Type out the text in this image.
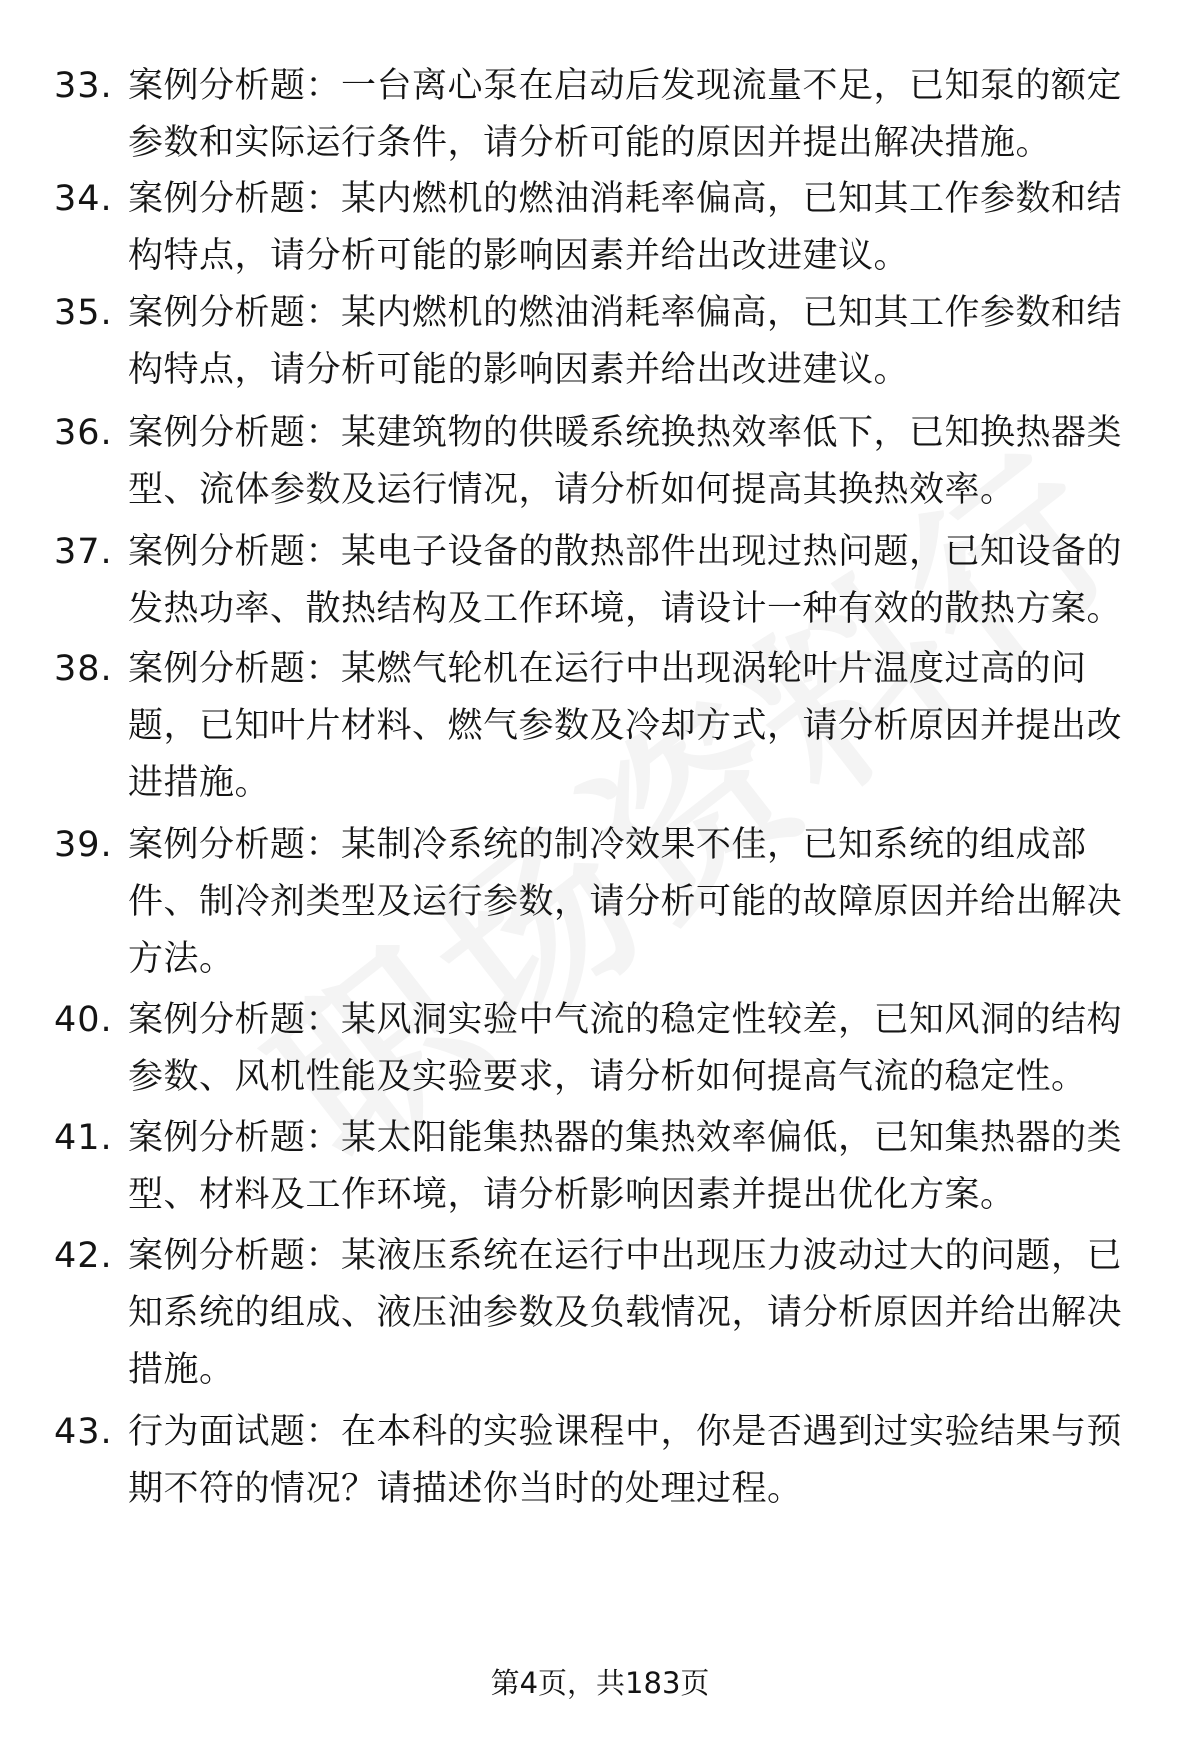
33. 案例分析题：一台离心泵在启动后发现流量不足，已知泵的额定
参数和实际运行条件，请分析可能的原因并提出解决措施。
34. 案例分析题：某内燃机的燃油消耗率偏高，已知其工作参数和结
构特点，请分析可能的影响因素并给出改进建议。
35. 案例分析题：某内燃机的燃油消耗率偏高，已知其工作参数和结
构特点，请分析可能的影响因素并给出改进建议。
36. 案例分析题：某建筑物的供暖系统换热效率低下，已知换热器类
型、流体参数及运行情况，请分析如何提高其换热效率。
37. 案例分析题：某电子设备的散热部件出现过热问题，已知设备的
发热功率、散热结构及工作环境，请设计一种有效的散热方案。
38. 案例分析题：某燃气轮机在运行中出现涡轮叶片温度过高的问
题，已知叶片材料、燃气参数及冷却方式，请分析原因并提出改
进措施。
39. 案例分析题：某制冷系统的制冷效果不佳，已知系统的组成部
件、制冷剂类型及运行参数，请分析可能的故障原因并给出解决
方法。
40. 案例分析题：某风洞实验中气流的稳定性较差，已知风洞的结构
参数、风机性能及实验要求，请分析如何提高气流的稳定性。
41. 案例分析题：某太阳能集热器的集热效率偏低，已知集热器的类
型、材料及工作环境，请分析影响因素并提出优化方案。
42. 案例分析题：某液压系统在运行中出现压力波动过大的问题，已
知系统的组成、液压油参数及负载情况，请分析原因并给出解决
措施。
43. 行为面试题：在本科的实验课程中，你是否遇到过实验结果与预
期不符的情况？请描述你当时的处理过程。
第4页，共183页
